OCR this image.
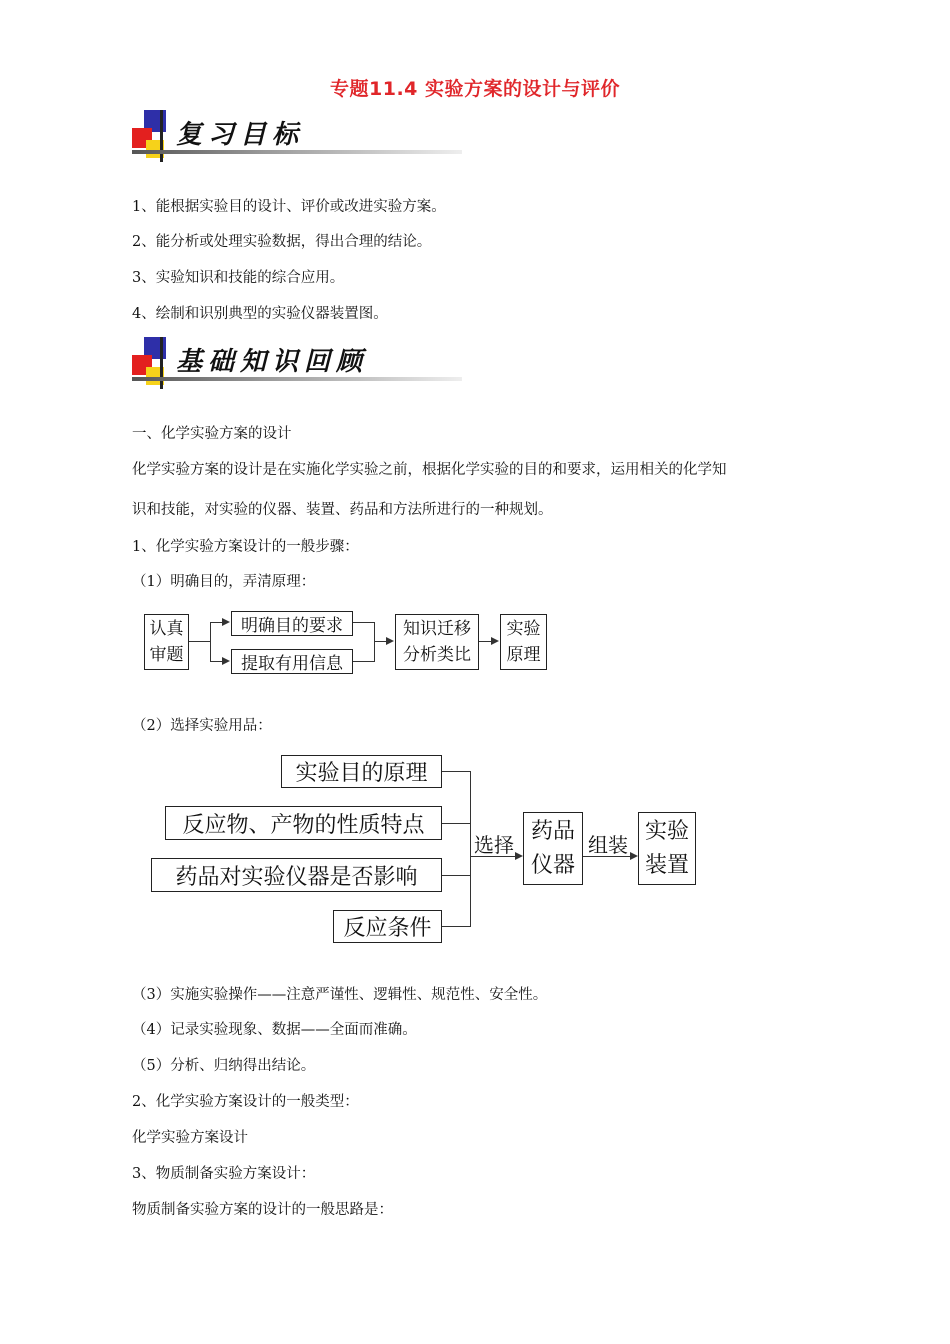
专题11.4 实验方案的设计与评价
复习目标
1、能根据实验目的设计、评价或改进实验方案。
2、能分析或处理实验数据，得出合理的结论。
3、实验知识和技能的综合应用。
4、绘制和识别典型的实验仪器装置图。
基础知识回顾
一、化学实验方案的设计
化学实验方案的设计是在实施化学实验之前，根据化学实验的目的和要求，运用相关的化学知
识和技能，对实验的仪器、装置、药品和方法所进行的一种规划。
1、化学实验方案设计的一般步骤：
（1）明确目的，弄清原理：
认真
审题
明确目的要求
提取有用信息
知识迁移
分析类比
实验
原理
（2）选择实验用品：
实验目的原理
反应物、产物的性质特点
药品对实验仪器是否影响
反应条件
选择
药品
仪器
组装
实验
装置
（3）实施实验操作——注意严谨性、逻辑性、规范性、安全性。
（4）记录实验现象、数据——全面而准确。
（5）分析、归纳得出结论。
2、化学实验方案设计的一般类型：
化学实验方案设计
3、物质制备实验方案设计：
物质制备实验方案的设计的一般思路是：
